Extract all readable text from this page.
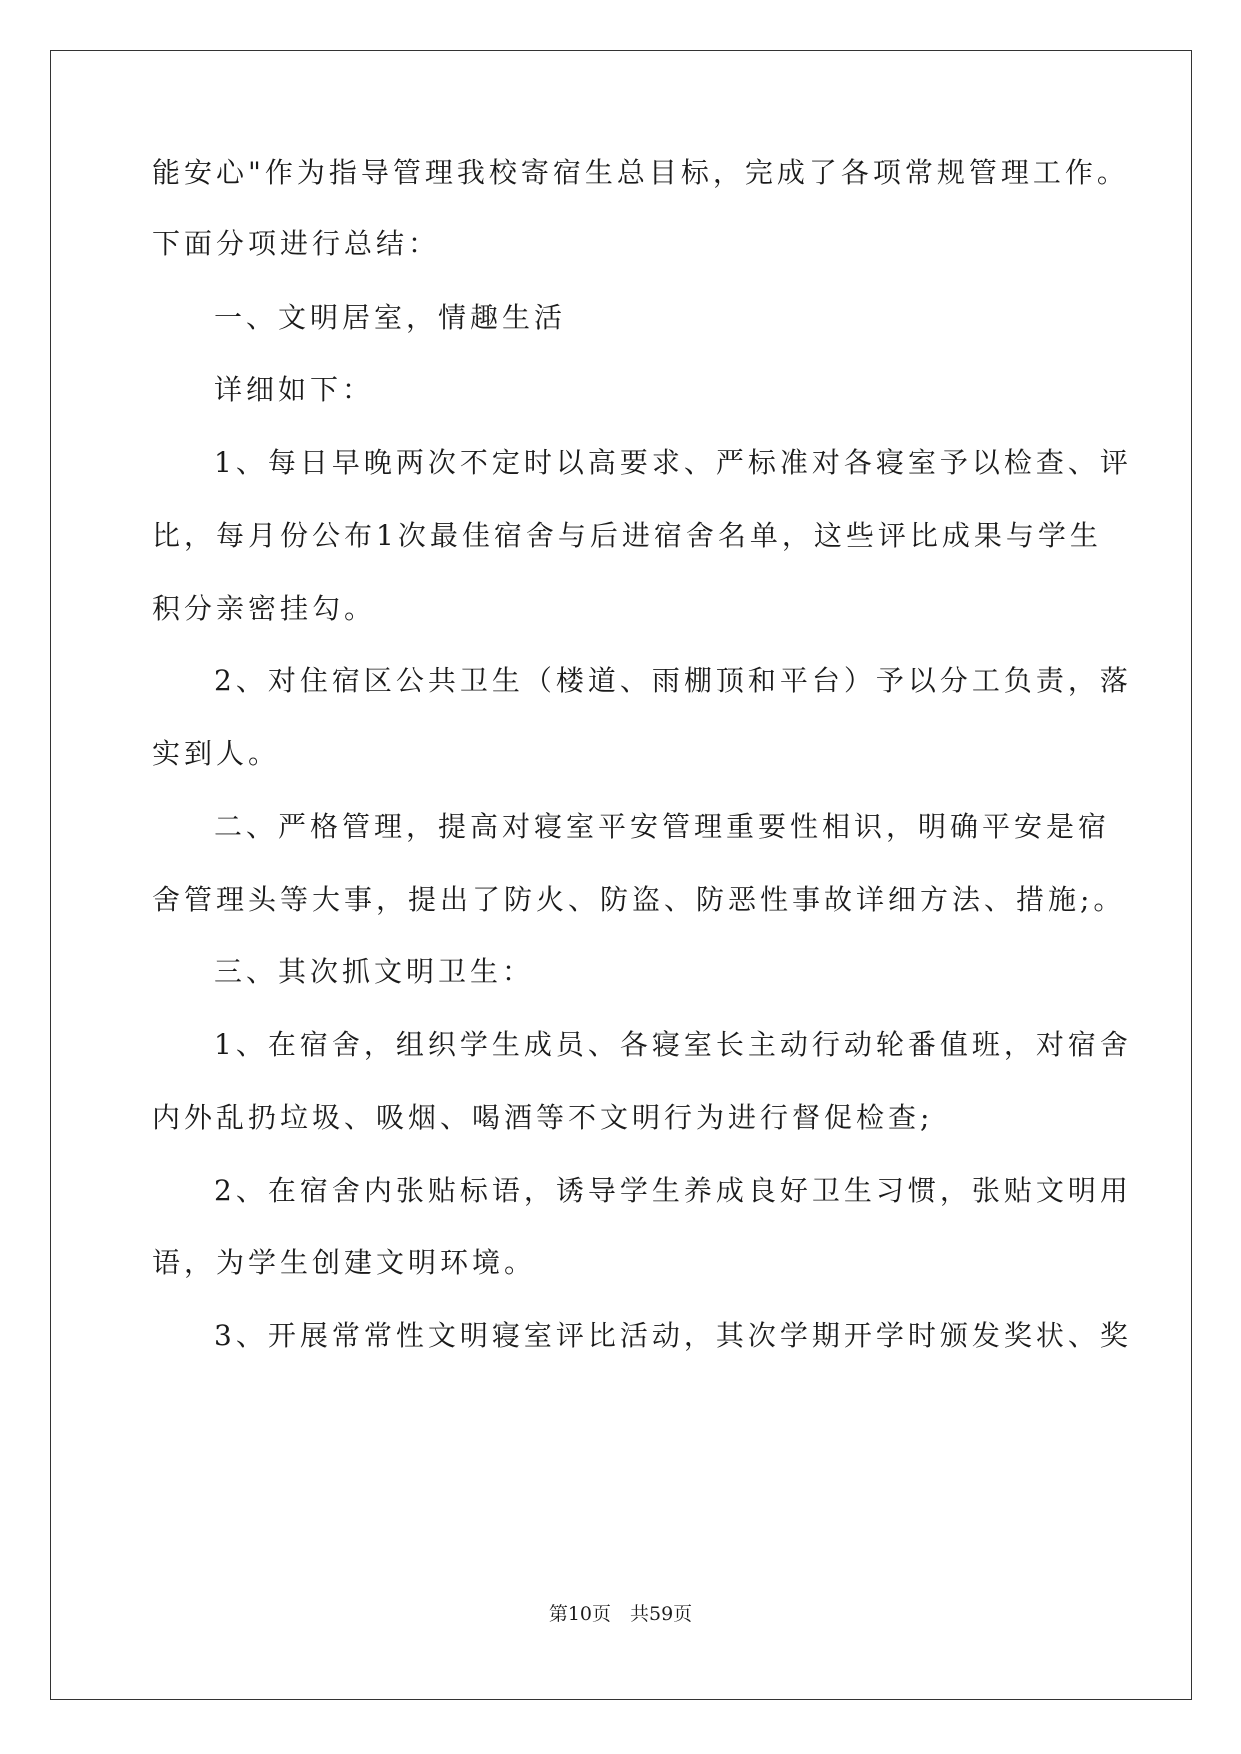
能安心"作为指导管理我校寄宿生总目标，完成了各项常规管理工作。
下面分项进行总结：
一、文明居室，情趣生活
详细如下：
1、每日早晚两次不定时以高要求、严标准对各寝室予以检查、评
比，每月份公布1次最佳宿舍与后进宿舍名单，这些评比成果与学生
积分亲密挂勾。
2、对住宿区公共卫生（楼道、雨棚顶和平台）予以分工负责，落
实到人。
二、严格管理，提高对寝室平安管理重要性相识，明确平安是宿
舍管理头等大事，提出了防火、防盗、防恶性事故详细方法、措施;。
三、其次抓文明卫生：
1、在宿舍，组织学生成员、各寝室长主动行动轮番值班，对宿舍
内外乱扔垃圾、吸烟、喝酒等不文明行为进行督促检查;
2、在宿舍内张贴标语，诱导学生养成良好卫生习惯，张贴文明用
语，为学生创建文明环境。
3、开展常常性文明寝室评比活动，其次学期开学时颁发奖状、奖
第10页　共59页
